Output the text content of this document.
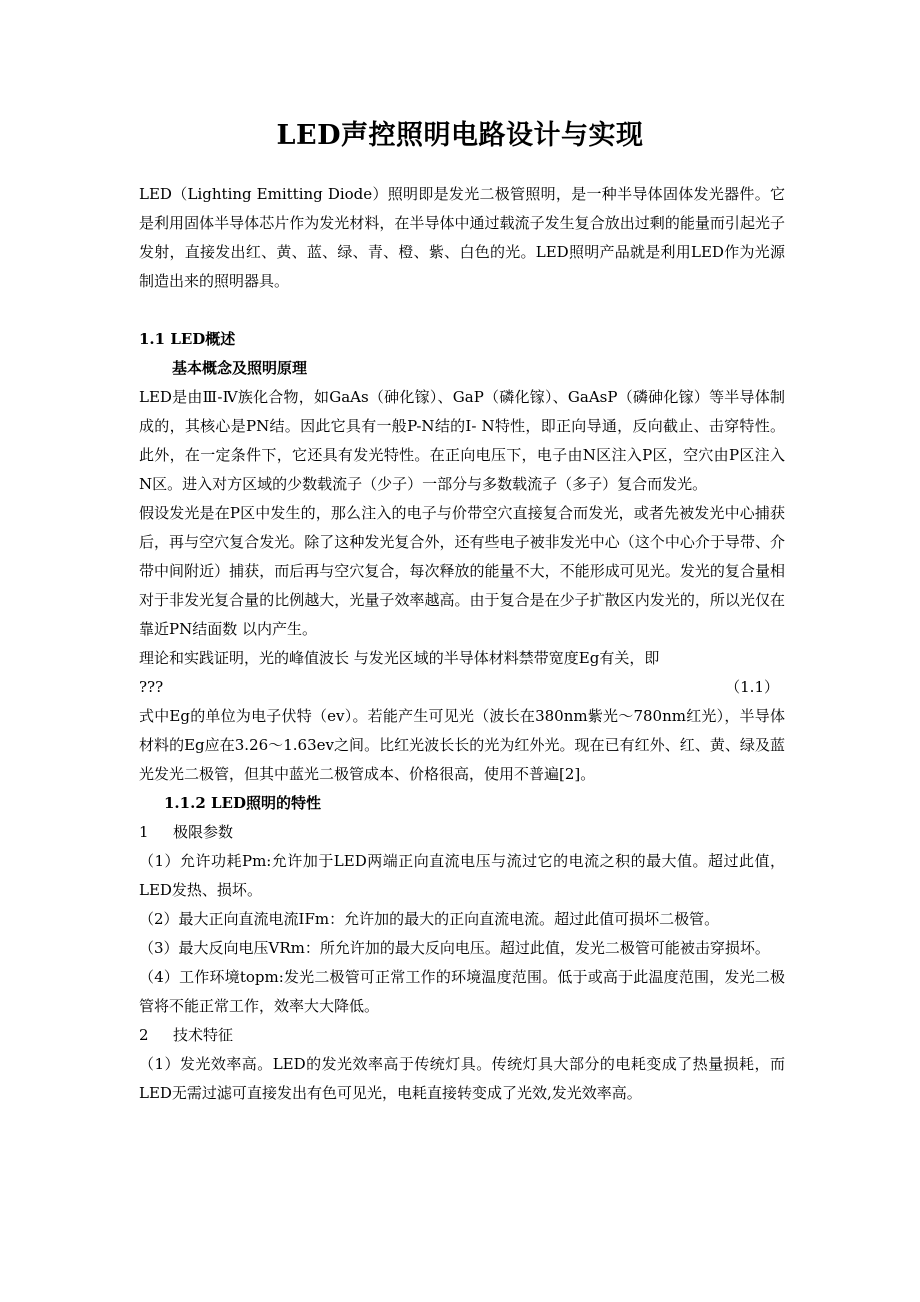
LED声控照明电路设计与实现

LED（Lighting Emitting Diode）照明即是发光二极管照明，是一种半导体固体发光器件。它是利用固体半导体芯片作为发光材料，在半导体中通过载流子发生复合放出过剩的能量而引起光子发射，直接发出红、黄、蓝、绿、青、橙、紫、白色的光。LED照明产品就是利用LED作为光源制造出来的照明器具。

1.1 LED概述

基本概念及照明原理

LED是由Ⅲ-Ⅳ族化合物，如GaAs（砷化镓）、GaP（磷化镓）、GaAsP（磷砷化镓）等半导体制成的，其核心是PN结。因此它具有一般P-N结的I- N特性，即正向导通，反向截止、击穿特性。此外，在一定条件下，它还具有发光特性。在正向电压下，电子由N区注入P区，空穴由P区注入N区。进入对方区域的少数载流子（少子）一部分与多数载流子（多子）复合而发光。

假设发光是在P区中发生的，那么注入的电子与价带空穴直接复合而发光，或者先被发光中心捕获后，再与空穴复合发光。除了这种发光复合外，还有些电子被非发光中心（这个中心介于导带、介带中间附近）捕获，而后再与空穴复合，每次释放的能量不大，不能形成可见光。发光的复合量相对于非发光复合量的比例越大，光量子效率越高。由于复合是在少子扩散区内发光的，所以光仅在靠近PN结面数 以内产生。

理论和实践证明，光的峰值波长 与发光区域的半导体材料禁带宽度Eg有关，即

???	（1.1）

式中Eg的单位为电子伏特（ev）。若能产生可见光（波长在380nm紫光～780nm红光），半导体材料的Eg应在3.26～1.63ev之间。比红光波长长的光为红外光。现在已有红外、红、黄、绿及蓝光发光二极管，但其中蓝光二极管成本、价格很高，使用不普遍[2]。

1.1.2 LED照明的特性

1	极限参数

（1）允许功耗Pm:允许加于LED两端正向直流电压与流过它的电流之积的最大值。超过此值，LED发热、损坏。

（2）最大正向直流电流IFm：允许加的最大的正向直流电流。超过此值可损坏二极管。

（3）最大反向电压VRm：所允许加的最大反向电压。超过此值，发光二极管可能被击穿损坏。

（4）工作环境topm:发光二极管可正常工作的环境温度范围。低于或高于此温度范围，发光二极管将不能正常工作，效率大大降低。

2	技术特征

（1）发光效率高。LED的发光效率高于传统灯具。传统灯具大部分的电耗变成了热量损耗，而LED无需过滤可直接发出有色可见光，电耗直接转变成了光效,发光效率高。
